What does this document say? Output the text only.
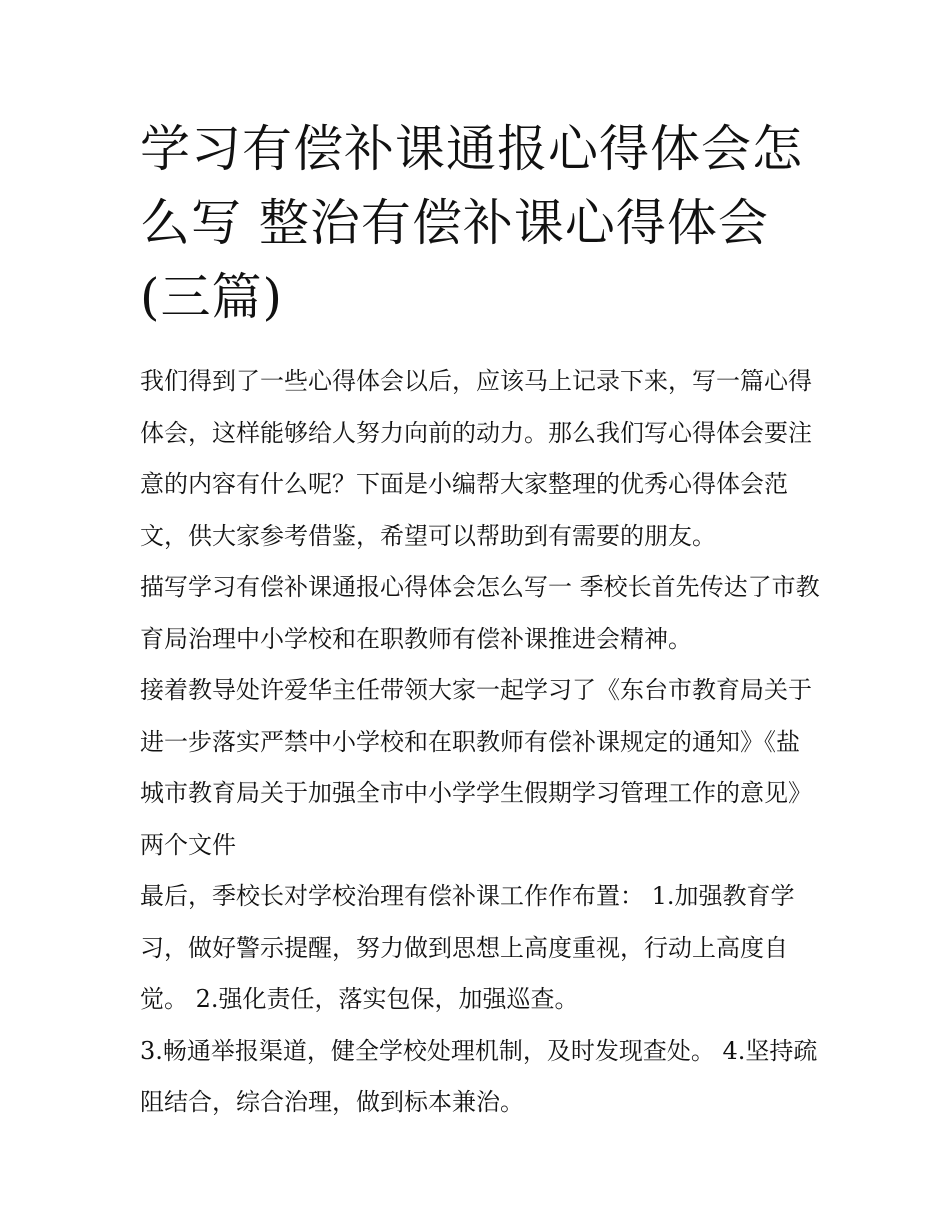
学习有偿补课通报心得体会怎么写 整治有偿补课心得体会(三篇)

我们得到了一些心得体会以后，应该马上记录下来，写一篇心得体会，这样能够给人努力向前的动力。那么我们写心得体会要注意的内容有什么呢？下面是小编帮大家整理的优秀心得体会范文，供大家参考借鉴，希望可以帮助到有需要的朋友。

描写学习有偿补课通报心得体会怎么写一 季校长首先传达了市教育局治理中小学校和在职教师有偿补课推进会精神。

接着教导处许爱华主任带领大家一起学习了《东台市教育局关于进一步落实严禁中小学校和在职教师有偿补课规定的通知》《盐城市教育局关于加强全市中小学学生假期学习管理工作的意见》两个文件

最后，季校长对学校治理有偿补课工作作布置： 1.加强教育学习，做好警示提醒，努力做到思想上高度重视，行动上高度自觉。 2.强化责任，落实包保，加强巡查。

3.畅通举报渠道，健全学校处理机制，及时发现查处。 4.坚持疏阻结合，综合治理，做到标本兼治。
